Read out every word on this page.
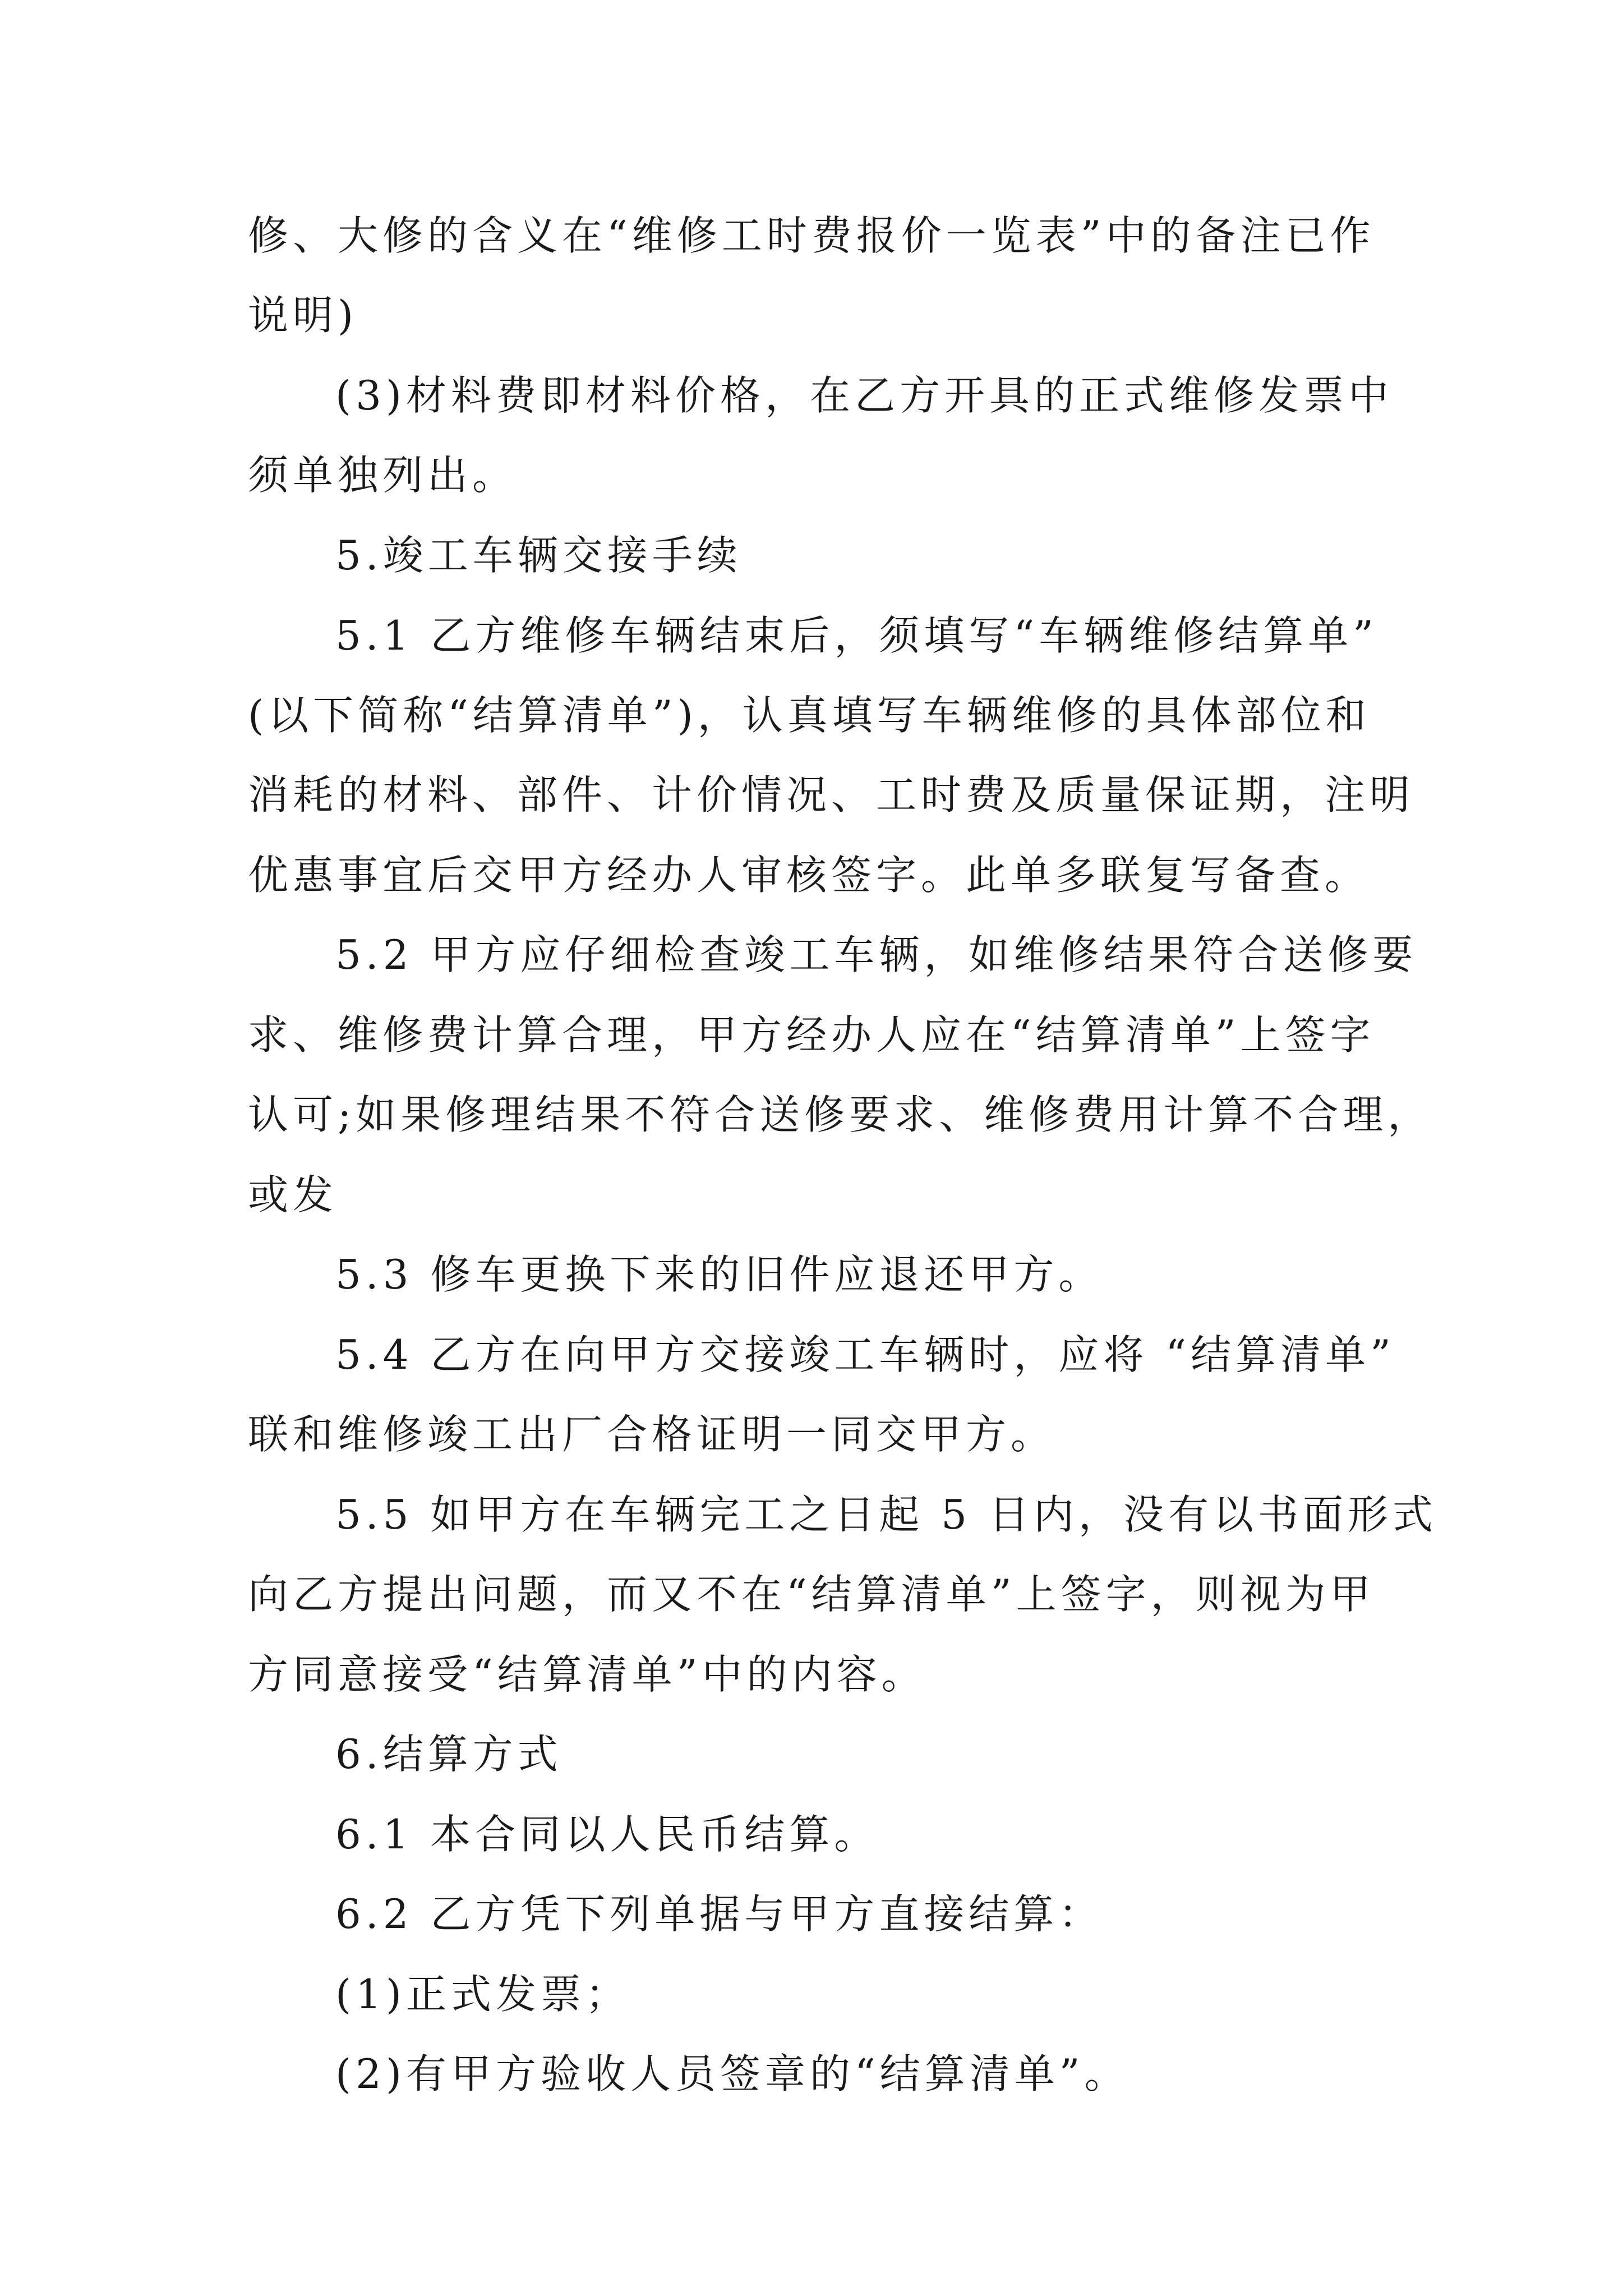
修、大修的含义在“维修工时费报价一览表”中的备注已作

说明)

(3)材料费即材料价格，在乙方开具的正式维修发票中

须单独列出。

5.竣工车辆交接手续

5.1 乙方维修车辆结束后，须填写“车辆维修结算单”

(以下简称“结算清单”)，认真填写车辆维修的具体部位和

消耗的材料、部件、计价情况、工时费及质量保证期，注明

优惠事宜后交甲方经办人审核签字。此单多联复写备查。

5.2 甲方应仔细检查竣工车辆，如维修结果符合送修要

求、维修费计算合理，甲方经办人应在“结算清单”上签字

认可;如果修理结果不符合送修要求、维修费用计算不合理，

或发

5.3 修车更换下来的旧件应退还甲方。

5.4 乙方在向甲方交接竣工车辆时，应将 “结算清单”

联和维修竣工出厂合格证明一同交甲方。

5.5 如甲方在车辆完工之日起 5 日内，没有以书面形式

向乙方提出问题，而又不在“结算清单”上签字，则视为甲

方同意接受“结算清单”中的内容。

6.结算方式

6.1 本合同以人民币结算。

6.2 乙方凭下列单据与甲方直接结算：

(1)正式发票；

(2)有甲方验收人员签章的“结算清单”。
